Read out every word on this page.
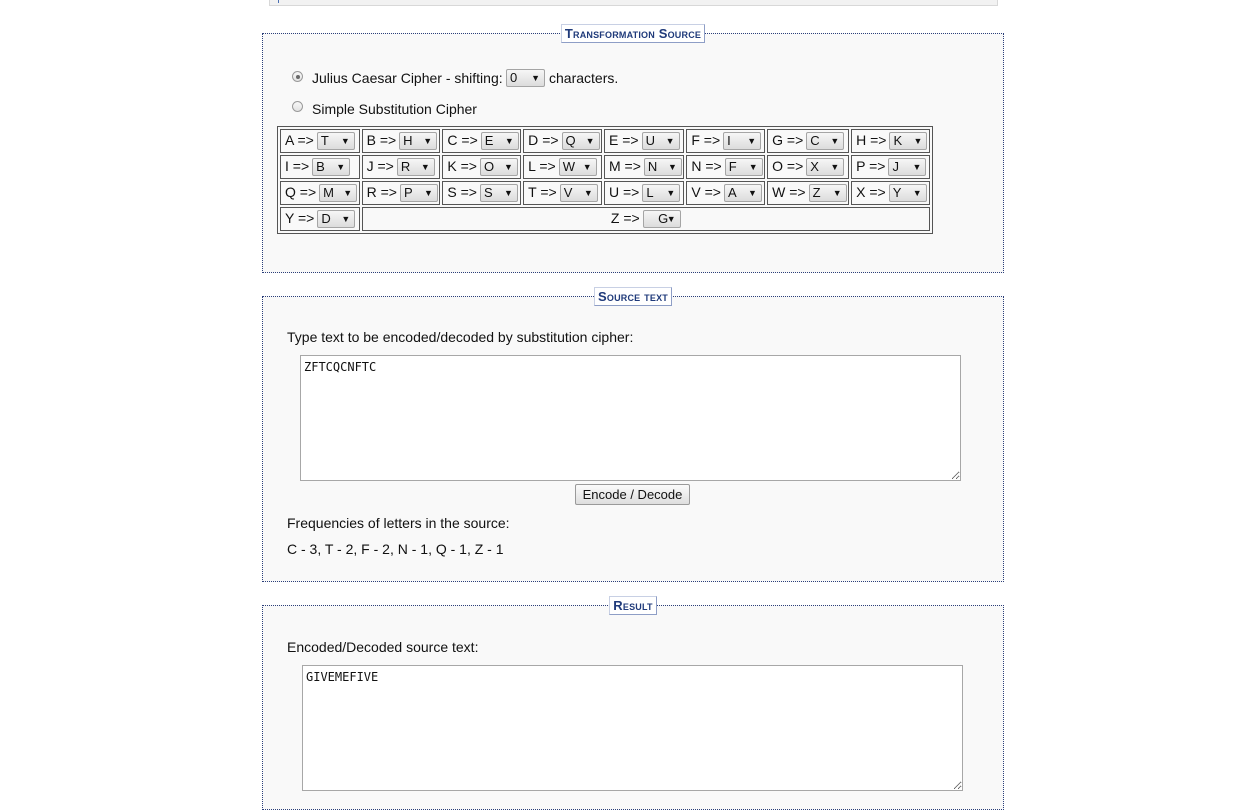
Transformation Source
Julius Caesar Cipher - shifting: 0 ▼
characters.
Simple Substitution Cipher
A => T ▼	B => H ▼	C => E ▼	D => Q ▼	E => U ▼	F => I ▼	G => C ▼	H => K ▼

I => B ▼	J => R ▼	K => O ▼	L => W ▼	M => N ▼	N => F ▼	O => X ▼	P => J ▼

Q => M ▼	R => P ▼	S => S ▼	T => V ▼	U => L ▼	V => A ▼	W => Z ▼	X => Y ▼

Y => D ▼	Z => G
▼						
Source text
Type text to be encoded/decoded by substitution cipher:
ZFTCQCNFTC
Encode / Decode
Frequencies of letters in the source:
C - 3, T - 2, F - 2, N - 1, Q - 1, Z - 1
Result
Encoded/Decoded source text:
GIVEMEFIVE
